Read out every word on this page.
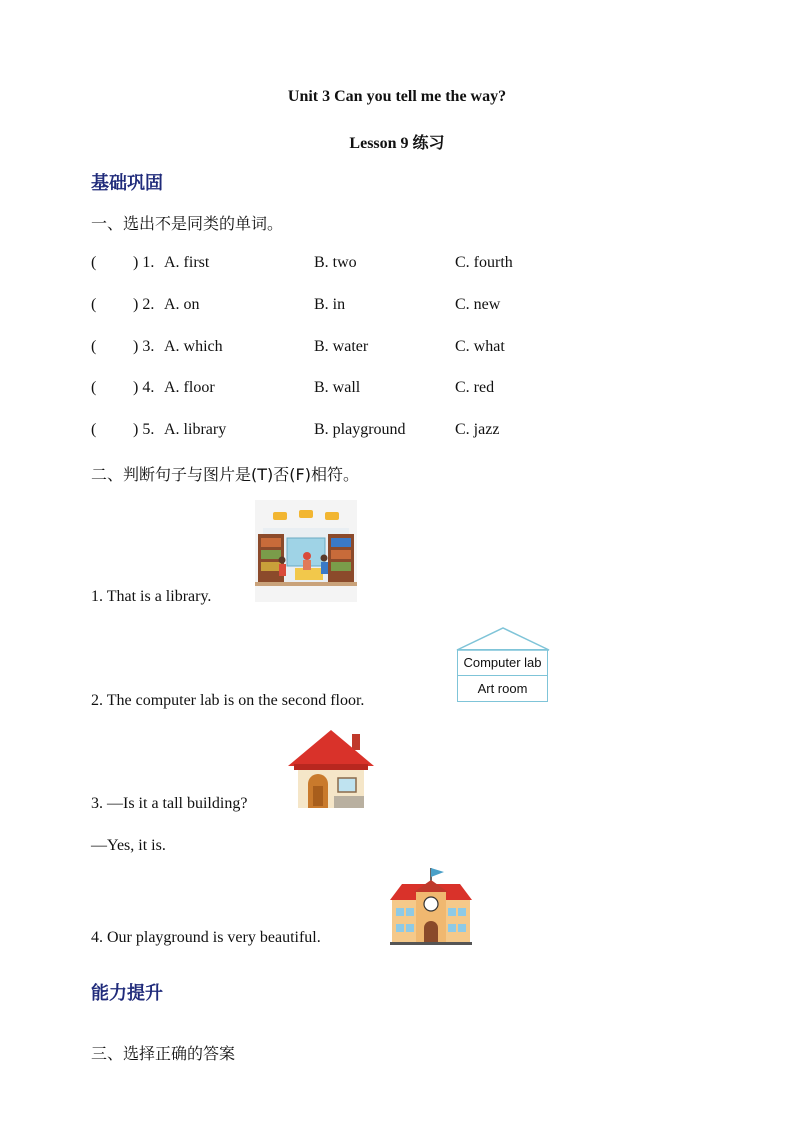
Unit 3 Can you tell me the way?
Lesson 9 练习
基础巩固
一、选出不是同类的单词。
( ) 1. A. first	B. two	C. fourth
( ) 2. A. on	B. in	C. new
( ) 3. A. which	B. water	C. what
( ) 4. A. floor	B. wall	C. red
( ) 5. A. library	B. playground	C. jazz
二、判断句子与图片是(T)否(F)相符。
1. That is a library.
2. The computer lab is on the second floor.
Computer lab
Art room
3. —Is it a tall building?
—Yes, it is.
4. Our playground is very beautiful.
能力提升
三、选择正确的答案
